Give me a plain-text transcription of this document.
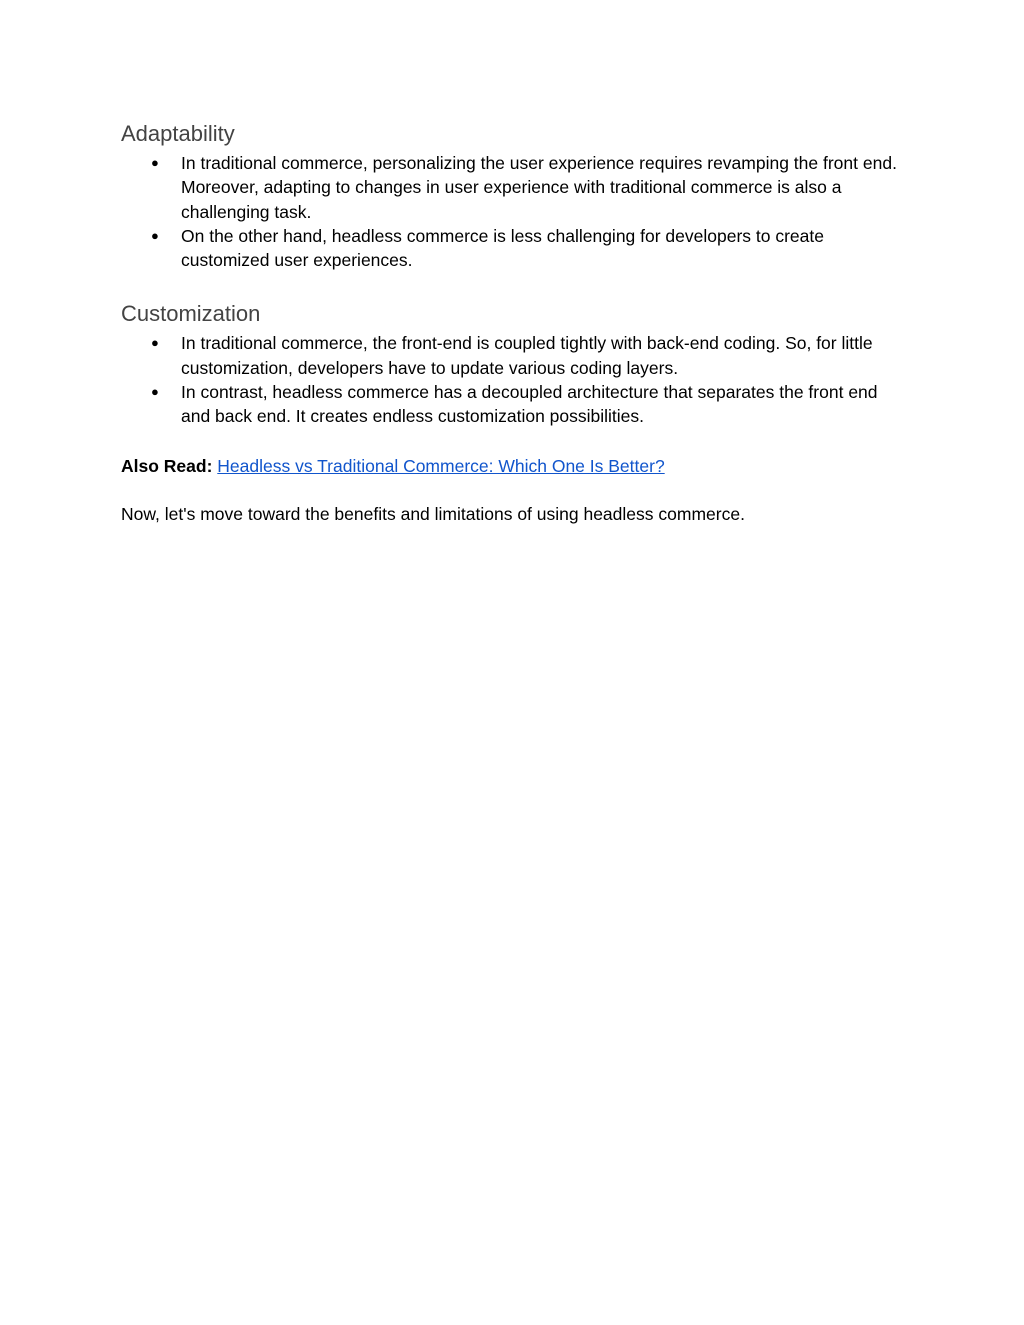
Adaptability
● In traditional commerce, personalizing the user experience requires revamping the front end. Moreover, adapting to changes in user experience with traditional commerce is also a challenging task.
● On the other hand, headless commerce is less challenging for developers to create customized user experiences.
Customization
● In traditional commerce, the front-end is coupled tightly with back-end coding. So, for little customization, developers have to update various coding layers.
● In contrast, headless commerce has a decoupled architecture that separates the front end and back end. It creates endless customization possibilities.

Also Read: Headless vs Traditional Commerce: Which One Is Better?

Now, let's move toward the benefits and limitations of using headless commerce.
